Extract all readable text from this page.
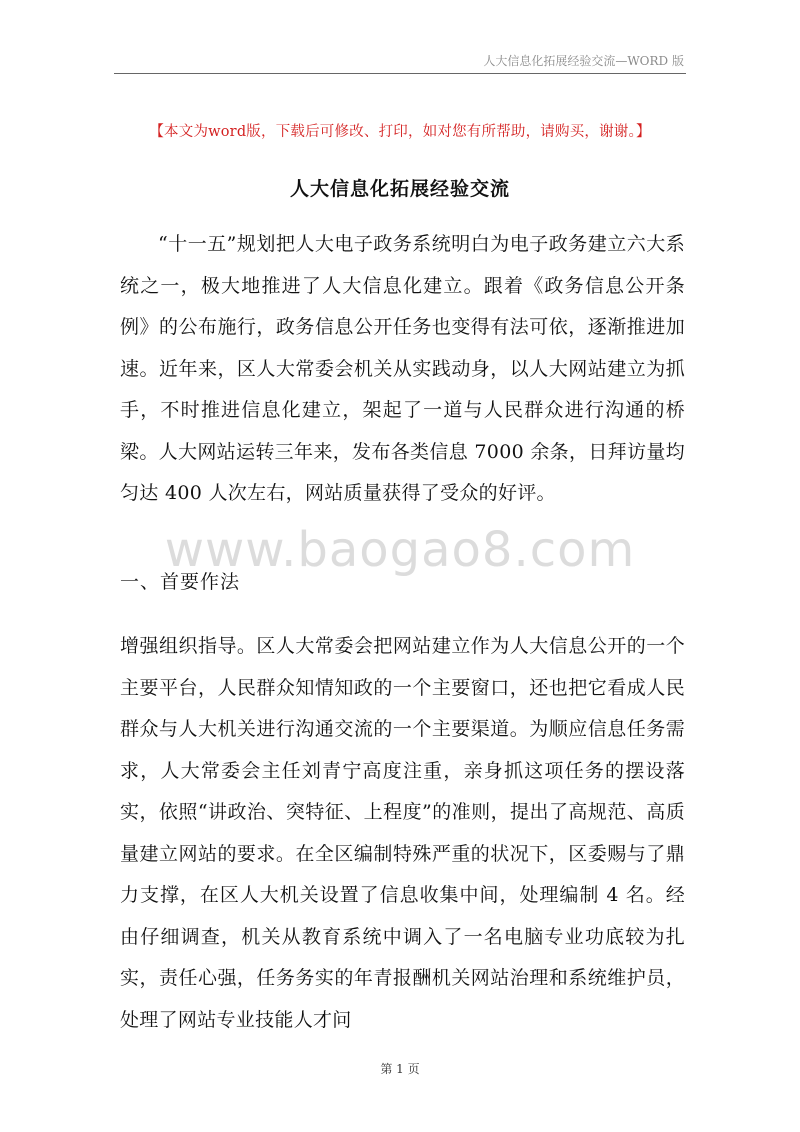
人大信息化拓展经验交流—WORD 版
【本文为word版，下载后可修改、打印，如对您有所帮助，请购买，谢谢。】
人大信息化拓展经验交流
“十一五”规划把人大电子政务系统明白为电子政务建立六大系统之一，极大地推进了人大信息化建立。跟着《政务信息公开条例》的公布施行，政务信息公开任务也变得有法可依，逐渐推进加速。近年来，区人大常委会机关从实践动身，以人大网站建立为抓手，不时推进信息化建立，架起了一道与人民群众进行沟通的桥梁。人大网站运转三年来，发布各类信息 7000 余条，日拜访量均匀达 400 人次左右，网站质量获得了受众的好评。
www.baogao8.com
一、首要作法
增强组织指导。区人大常委会把网站建立作为人大信息公开的一个主要平台，人民群众知情知政的一个主要窗口，还也把它看成人民群众与人大机关进行沟通交流的一个主要渠道。为顺应信息任务需求，人大常委会主任刘青宁高度注重，亲身抓这项任务的摆设落实，依照“讲政治、突特征、上程度”的准则，提出了高规范、高质量建立网站的要求。在全区编制特殊严重的状况下，区委赐与了鼎力支撑，在区人大机关设置了信息收集中间，处理编制 4 名。经由仔细调查，机关从教育系统中调入了一名电脑专业功底较为扎实，责任心强，任务务实的年青报酬机关网站治理和系统维护员，处理了网站专业技能人才问
第 1 页
